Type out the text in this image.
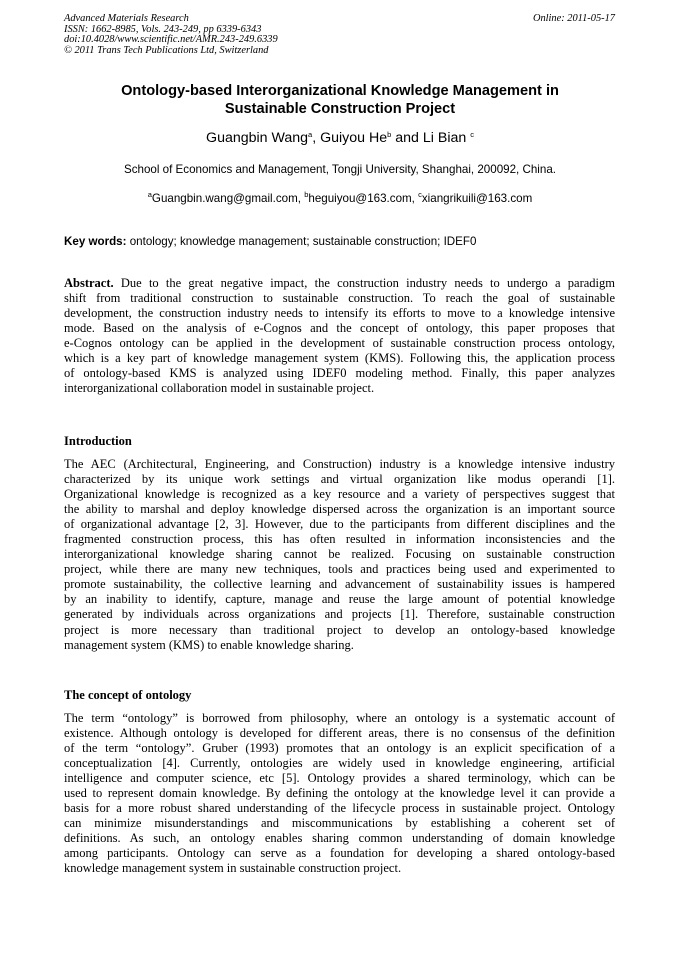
Advanced Materials Research
ISSN: 1662-8985, Vols. 243-249, pp 6339-6343
doi:10.4028/www.scientific.net/AMR.243-249.6339
© 2011 Trans Tech Publications Ltd, Switzerland
Online: 2011-05-17
Ontology-based Interorganizational Knowledge Management in
Sustainable Construction Project
Guangbin Wang$^a$, Guiyou He$^b$ and Li Bian $^c$
School of Economics and Management, Tongji University, Shanghai, 200092, China.
$^a$Guangbin.wang@gmail.com, $^b$heguiyou@163.com, $^c$xiangrikuili@163.com
Key words: ontology; knowledge management; sustainable construction; IDEF0
Abstract. Due to the great negative impact, the construction industry needs to undergo a paradigm
shift from traditional construction to sustainable construction. To reach the goal of sustainable
development, the construction industry needs to intensify its efforts to move to a knowledge intensive
mode. Based on the analysis of e-Cognos and the concept of ontology, this paper proposes that
e-Cognos ontology can be applied in the development of sustainable construction process ontology,
which is a key part of knowledge management system (KMS). Following this, the application process
of ontology-based KMS is analyzed using IDEF0 modeling method. Finally, this paper analyzes
interorganizational collaboration model in sustainable project.
Introduction
The AEC (Architectural, Engineering, and Construction) industry is a knowledge intensive industry
characterized by its unique work settings and virtual organization like modus operandi [1].
Organizational knowledge is recognized as a key resource and a variety of perspectives suggest that
the ability to marshal and deploy knowledge dispersed across the organization is an important source
of organizational advantage [2, 3]. However, due to the participants from different disciplines and the
fragmented construction process, this has often resulted in information inconsistencies and the
interorganizational knowledge sharing cannot be realized. Focusing on sustainable construction
project, while there are many new techniques, tools and practices being used and experimented to
promote sustainability, the collective learning and advancement of sustainability issues is hampered
by an inability to identify, capture, manage and reuse the large amount of potential knowledge
generated by individuals across organizations and projects [1]. Therefore, sustainable construction
project is more necessary than traditional project to develop an ontology-based knowledge
management system (KMS) to enable knowledge sharing.
The concept of ontology
The term “ontology” is borrowed from philosophy, where an ontology is a systematic account of
existence. Although ontology is developed for different areas, there is no consensus of the definition
of the term “ontology”. Gruber (1993) promotes that an ontology is an explicit specification of a
conceptualization [4]. Currently, ontologies are widely used in knowledge engineering, artificial
intelligence and computer science, etc [5]. Ontology provides a shared terminology, which can be
used to represent domain knowledge. By defining the ontology at the knowledge level it can provide a
basis for a more robust shared understanding of the lifecycle process in sustainable project. Ontology
can minimize misunderstandings and miscommunications by establishing a coherent set of
definitions. As such, an ontology enables sharing common understanding of domain knowledge
among participants. Ontology can serve as a foundation for developing a shared ontology-based
knowledge management system in sustainable construction project.
